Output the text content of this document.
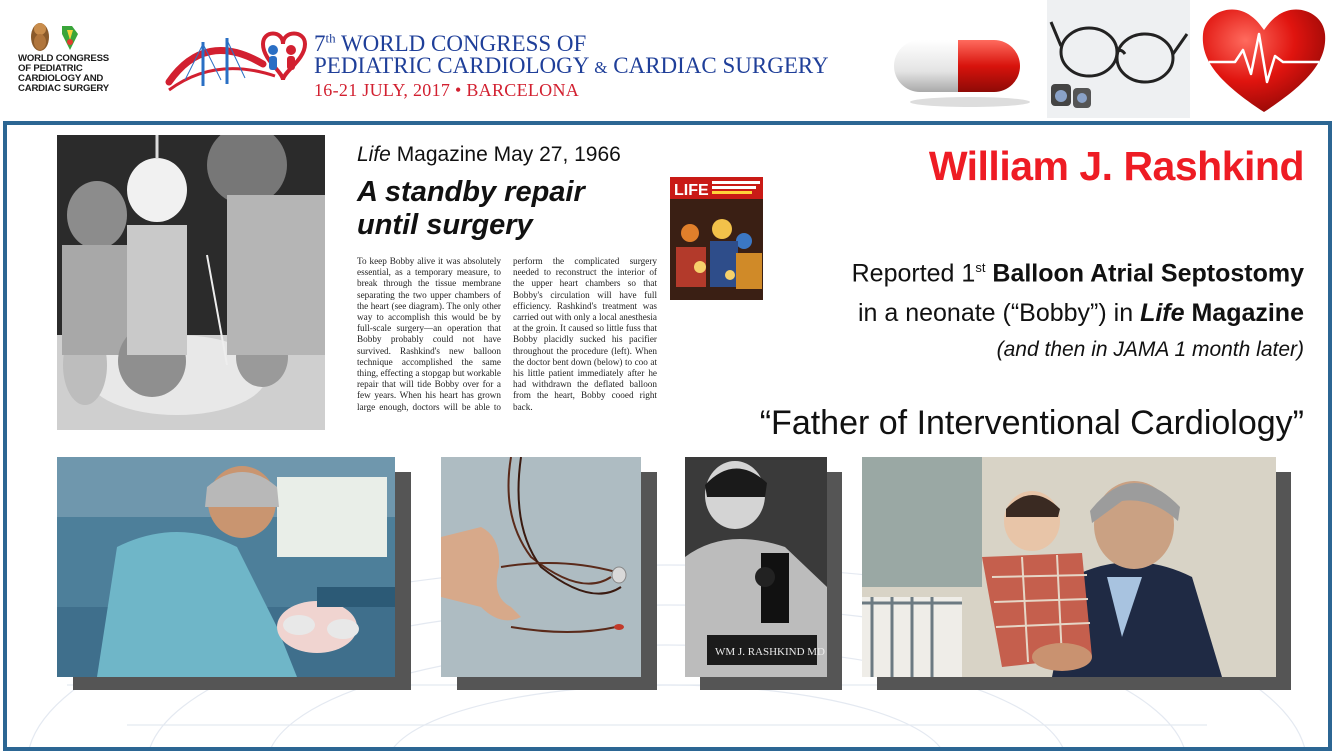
WORLD CONGRESS
OF PEDIATRIC
CARDIOLOGY AND
CARDIAC SURGERY
7th WORLD CONGRESS OF
PEDIATRIC CARDIOLOGY & CARDIAC SURGERY
16-21 JULY, 2017 • BARCELONA
Life Magazine May 27, 1966
A standby repair
until surgery
To keep Bobby alive it was absolutely essential, as a temporary measure, to break through the tissue membrane separating the two upper chambers of the heart (see diagram). The only other way to accomplish this would be by full-scale surgery—an operation that Bobby probably could not have survived. Rashkind's new balloon technique accomplished the same thing, effecting a stopgap but workable repair that will tide Bobby over for a few years. When his heart has grown large enough, doctors will be able to perform the complicated surgery needed to reconstruct the interior of the upper heart chambers so that Bobby's circulation will have full efficiency. Rashkind's treatment was carried out with only a local anesthesia at the groin. It caused so little fuss that Bobby placidly sucked his pacifier throughout the procedure (left). When the doctor bent down (below) to coo at his little patient immediately after he had withdrawn the deflated balloon from the heart, Bobby cooed right back.
LIFE
William J. Rashkind
Reported 1st Balloon Atrial Septostomy
in a neonate (“Bobby”) in Life Magazine
(and then in JAMA 1 month later)
“Father of Interventional Cardiology”
WM J. RASHKIND MD
